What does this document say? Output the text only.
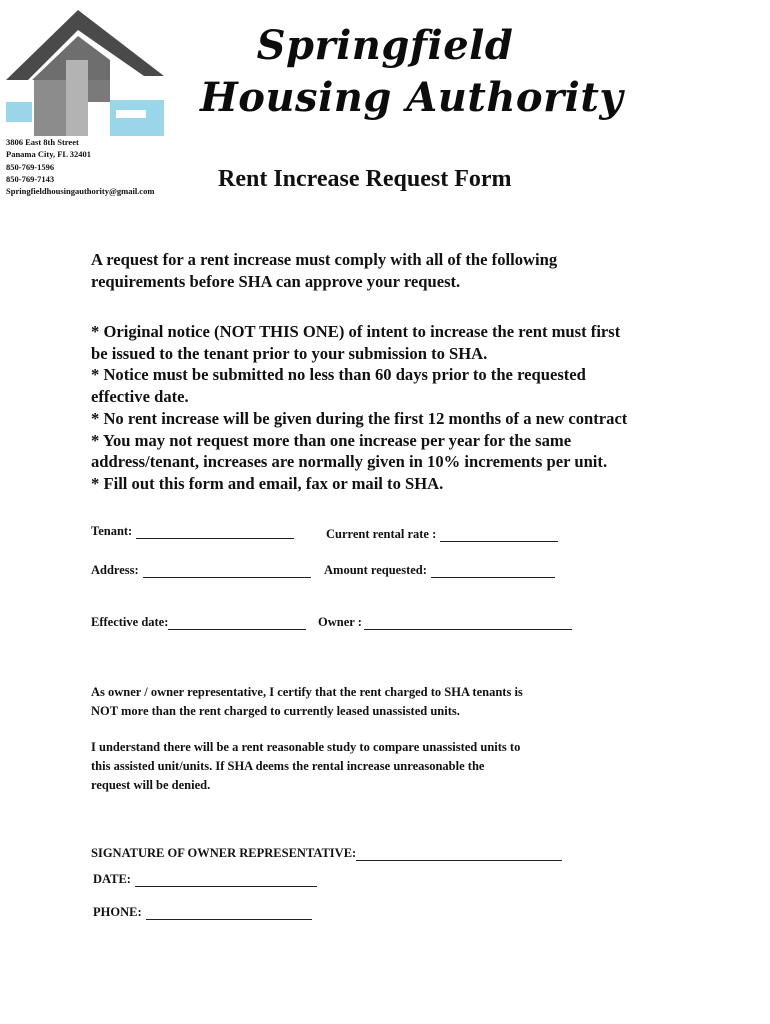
3806 East 8th Street
Panama City, FL 32401
850-769-1596
850-769-7143
Springfieldhousingauthority@gmail.com
Springfield
Housing Authority
Rent Increase Request Form
A request for a rent increase must comply with all of the following
requirements before SHA can approve your request.
* Original notice (NOT THIS ONE) of intent to increase the rent must first
be issued to the tenant prior to your submission to SHA.
* Notice must be submitted no less than 60 days prior to the requested
effective date.
* No rent increase will be given during the first 12 months of a new contract
* You may not request more than one increase per year for the same
address/tenant, increases are normally given in 10% increments per unit.
* Fill out this form and email, fax or mail to SHA.
Tenant:	Current rental rate :
Address:	Amount requested:
Effective date:	Owner :
As owner / owner representative, I certify that the rent charged to SHA tenants is
NOT more than the rent charged to currently leased unassisted units.
I understand there will be a rent reasonable study to compare unassisted units to
this assisted unit/units. If SHA deems the rental increase unreasonable the
request will be denied.
SIGNATURE OF OWNER REPRESENTATIVE:
DATE:
PHONE:
